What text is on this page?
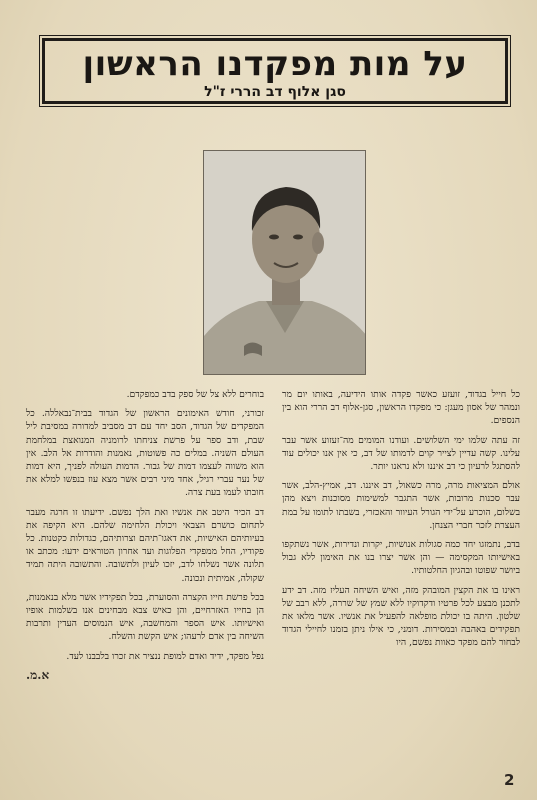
על מות מפקדנו הראשון
סגן אלוף דב הררי ז"ל

כל חייל בגדוד, זועזע כאשר פקדה אותו הידיעה, באותו יום מר ונמהר של אסון מעגן: כי מפקדו הראשון, סגן-אלוף דב הררי הוא בין הנספים.

זה עתה שלמו ימי השלושים. ועודנו המומים מה־זעזוע אשר עבר עלינו. קשה עדיין לצייר קוים לדמותו של דב, כי אין אנו יכולים עוד להסתגל לרעיון כי דב איננו ולא נראנו יותר.

אולם המציאות מרה, מרה כשאול, דב איננו. דב, אמיץ-הלב, אשר עבר סכנות מרובות, אשר התגבר למשימות מסוכנות ויצא מהן בשלום, הוכרע על־ידי הגורל העיוור והאכזרי, בשבתו לתומו על במת העצרת לזכר חברי הצנחן.

בדב, נתמזגו יחד כמה סגולות אנושיות, יקרות ונדירות, אשר נשתקפו באישיותו המקסימה — והן אשר יצרו בנו את האימון ללא גבול ביושר שפוטו ובהגיון החלטותיו.

ראינו בו את הקצין המובהק מזה, ואיש השיחה העליז מזה. דב ידע לתכנן מבצע לכל פרטיו ודקדוקיו ללא שמץ של שררה, ללא רבב של שלטון. היתה בו יכולת מופלאה להפעיל את אנשיו. אשר מלאו את תפקידים באהבה ובמסירות. דומני, כי אילו ניתן בזמנו לחיילי הגדוד לבחור להם מפקד כאוות נפשם, היו

בוחרים ללא צל של ספק בדב כמפקדם.

זכורני, חודש האימונים הראשון של הגדוד בבית־נבאללה. כל המפקדים של הגדוד, הסב יחד עם דב מסביב למדורה במסיבת ליל שבת, ודב ספר על פרשת צניחתו לרומניה המנואצת במלחמת העולם השניה. במלים כה פשוטות, נאמנות והודרות אל הלב. אין הוא משווה לעצמו דמות של גבור. הדמות העולה לפניך, היא דמות של נער עברי רגיל, אחד מיני רבים אשר מצא עוז בנפשו למלא את חובתו לעמו בעת צרה.

דב הכיר היטב את אנשיו ואת הלך נפשם. ידיעתו זו חרגה מעבר לתחום כושרם הצבאי ויכולת הלחימה שלהם. היא הקיפה את בעיותיהם האישיות, את דאגו־תיהם וצרותיהם, כגדולות כקטנות. כל פקודיו, החל ממפקדי הפלוגות ועד אחרון הטוראים ידעו: מכתב או תלונה אשר נשלחו לדב, יזכו לעיון ולתשובה. והתשובה היתה תמיד שקולה, אמיתית ונכונה.

בכל פרשת חייו הקצרה והסוערת, בכל תפקידיו אשר מלא בנאמנות, הן בחייו האזרחיים, והן כאיש צבא מבחינים אנו בשלמות אופיו ואישיותו. איש הספר והמחשבה, איש הנמוסים העדין ותרבות השיחה בין אדם לרעהו; איש הקשת והשלח.

נפל מפקד, ידיד ואדם למופת ננציר את זכרו בלבבנו לעד.

א.מ.
2
